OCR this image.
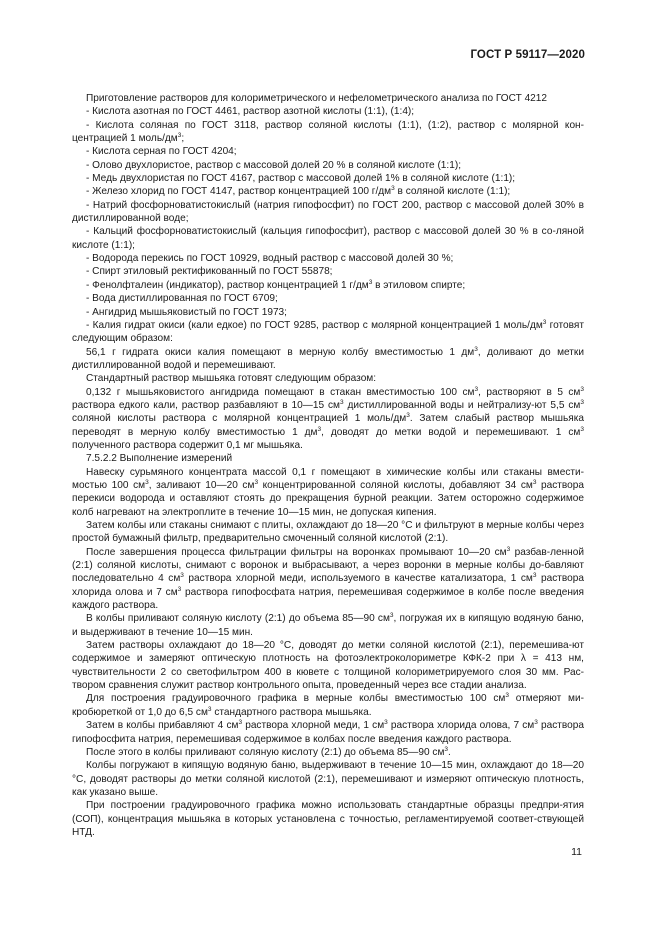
ГОСТ Р 59117—2020

Приготовление растворов для колориметрического и нефелометрического анализа по ГОСТ 4212

- Кислота азотная по ГОСТ 4461, раствор азотной кислоты (1:1), (1:4);

- Кислота соляная по ГОСТ 3118, раствор соляной кислоты (1:1), (1:2), раствор с молярной кон-центрацией 1 моль/$дм^3$;

- Кислота серная по ГОСТ 4204;

- Олово двухлористое, раствор с массовой долей 20 % в соляной кислоте (1:1);

- Медь двухлористая по ГОСТ 4167, раствор с массовой долей 1% в соляной кислоте (1:1);

- Железо хлорид по ГОСТ 4147, раствор концентрацией 100 $г/дм^3$ в соляной кислоте (1:1);

- Натрий фосфорноватистокислый (натрия гипофосфит) по ГОСТ 200, раствор с массовой долей 30% в дистиллированной воде;

- Кальций фосфорноватистокислый (кальция гипофосфит), раствор с массовой долей 30 % в со-ляной кислоте (1:1);

- Водорода перекись по ГОСТ 10929, водный раствор с массовой долей 30 %;

- Спирт этиловый ректификованный по ГОСТ 55878;

- Фенолфталеин (индикатор), раствор концентрацией 1 $г/дм^3$ в этиловом спирте;

- Вода дистиллированная по ГОСТ 6709;

- Ангидрид мышьяковистый по ГОСТ 1973;

- Калия гидрат окиси (кали едкое) по ГОСТ 9285, раствор с молярной концентрацией 1 моль/$дм^3$ готовят следующим образом:

56,1 г гидрата окиси калия помещают в мерную колбу вместимостью 1 $дм^3$, доливают до метки дистиллированной водой и перемешивают.

Стандартный раствор мышьяка готовят следующим образом:

0,132 г мышьяковистого ангидрида помещают в стакан вместимостью 100 $см^3$, растворяют в 5 $см^3$ раствора едкого кали, раствор разбавляют в 10—15 $см^3$ дистиллированной воды и нейтрализу-ют 5,5 $см^3$ соляной кислоты раствора с молярной концентрацией 1 моль/$дм^3$. Затем слабый раствор мышьяка переводят в мерную колбу вместимостью 1 $дм^3$, доводят до метки водой и перемешивают. 1 $см^3$ полученного раствора содержит 0,1 мг мышьяка.

7.5.2.2 Выполнение измерений

Навеску сурьмяного концентрата массой 0,1 г помещают в химические колбы или стаканы вмести-мостью 100 $см^3$, заливают 10—20 $см^3$ концентрированной соляной кислоты, добавляют 34 $см^3$ раствора перекиси водорода и оставляют стоять до прекращения бурной реакции. Затем осторожно содержимое колб нагревают на электроплите в течение 10—15 мин, не допуская кипения.

Затем колбы или стаканы снимают с плиты, охлаждают до 18—20 °С и фильтруют в мерные колбы через простой бумажный фильтр, предварительно смоченный соляной кислотой (2:1).

После завершения процесса фильтрации фильтры на воронках промывают 10—20 $см^3$ разбав-ленной (2:1) соляной кислоты, снимают с воронок и выбрасывают, а через воронки в мерные колбы до-бавляют последовательно 4 $см^3$ раствора хлорной меди, используемого в качестве катализатора, 1 $см^3$ раствора хлорида олова и 7 $см^3$ раствора гипофосфата натрия, перемешивая содержимое в колбе после введения каждого раствора.

В колбы приливают соляную кислоту (2:1) до объема 85—90 $см^3$, погружая их в кипящую водяную баню, и выдерживают в течение 10—15 мин.

Затем растворы охлаждают до 18—20 °С, доводят до метки соляной кислотой (2:1), перемешива-ют содержимое и замеряют оптическую плотность на фотоэлектроколориметре КФК-2 при λ = 413 нм, чувствительности 2 со светофильтром 400 в кювете с толщиной колориметрируемого слоя 30 мм. Рас-твором сравнения служит раствор контрольного опыта, проведенный через все стадии анализа.

Для построения градуировочного графика в мерные колбы вместимостью 100 $см^3$ отмеряют ми-кробюреткой от 1,0 до 6,5 $см^3$ стандартного раствора мышьяка.

Затем в колбы прибавляют 4 $см^3$ раствора хлорной меди, 1 $см^3$ раствора хлорида олова, 7 $см^3$ раствора гипофосфита натрия, перемешивая содержимое в колбах после введения каждого раствора.

После этого в колбы приливают соляную кислоту (2:1) до объема 85—90 $см^3$.

Колбы погружают в кипящую водяную баню, выдерживают в течение 10—15 мин, охлаждают до 18—20 °С, доводят растворы до метки соляной кислотой (2:1), перемешивают и измеряют оптическую плотность, как указано выше.

При построении градуировочного графика можно использовать стандартные образцы предпри-ятия (СОП), концентрация мышьяка в которых установлена с точностью, регламентируемой соответ-ствующей НТД.

11
